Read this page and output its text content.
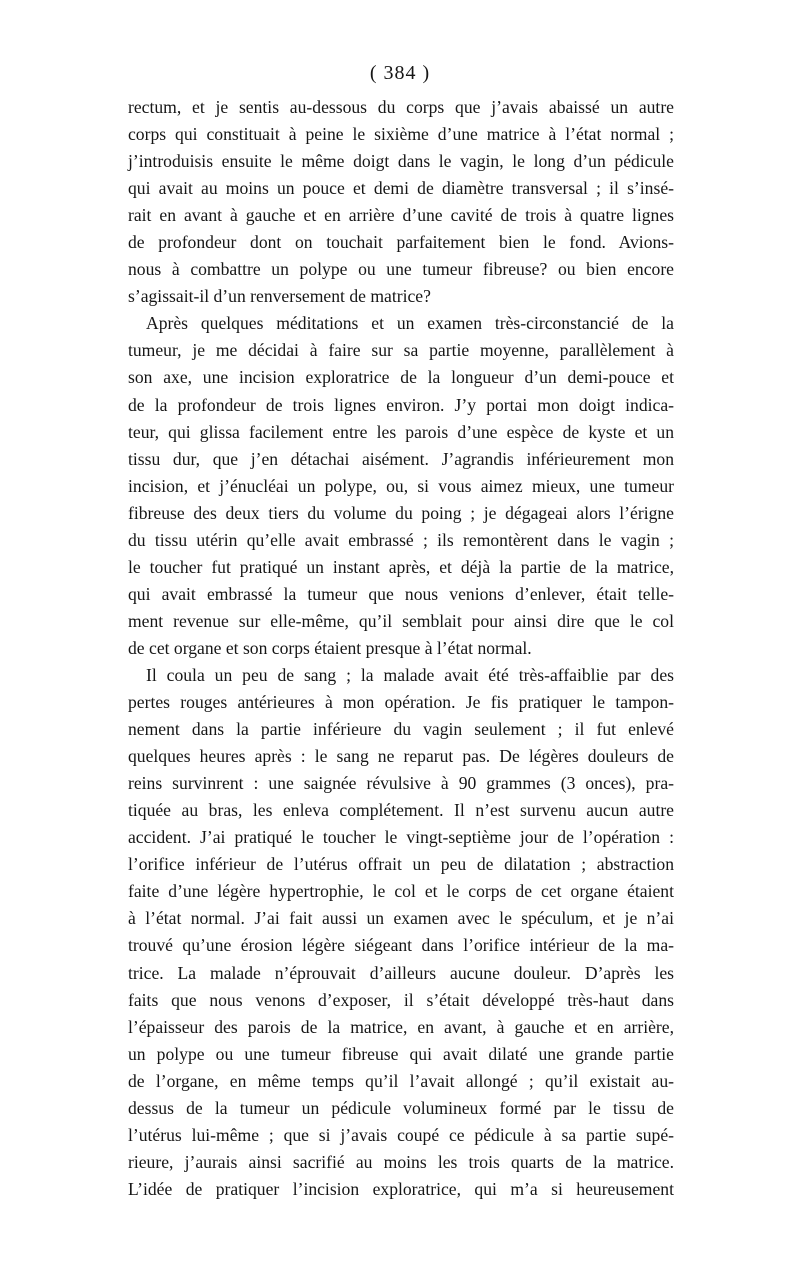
( 384 )
rectum, et je sentis au-dessous du corps que j’avais abaissé un autre
corps qui constituait à peine le sixième d’une matrice à l’état normal ;
j’introduisis ensuite le même doigt dans le vagin, le long d’un pédicule
qui avait au moins un pouce et demi de diamètre transversal ; il s’insé-
rait en avant à gauche et en arrière d’une cavité de trois à quatre lignes
de profondeur dont on touchait parfaitement bien le fond. Avions-
nous à combattre un polype ou une tumeur fibreuse? ou bien encore
s’agissait-il d’un renversement de matrice?
Après quelques méditations et un examen très-circonstancié de la
tumeur, je me décidai à faire sur sa partie moyenne, parallèlement à
son axe, une incision exploratrice de la longueur d’un demi-pouce et
de la profondeur de trois lignes environ. J’y portai mon doigt indica-
teur, qui glissa facilement entre les parois d’une espèce de kyste et un
tissu dur, que j’en détachai aisément. J’agrandis inférieurement mon
incision, et j’énucléai un polype, ou, si vous aimez mieux, une tumeur
fibreuse des deux tiers du volume du poing ; je dégageai alors l’érigne
du tissu utérin qu’elle avait embrassé ; ils remontèrent dans le vagin ;
le toucher fut pratiqué un instant après, et déjà la partie de la matrice,
qui avait embrassé la tumeur que nous venions d’enlever, était telle-
ment revenue sur elle-même, qu’il semblait pour ainsi dire que le col
de cet organe et son corps étaient presque à l’état normal.
Il coula un peu de sang ; la malade avait été très-affaiblie par des
pertes rouges antérieures à mon opération. Je fis pratiquer le tampon-
nement dans la partie inférieure du vagin seulement ; il fut enlevé
quelques heures après : le sang ne reparut pas. De légères douleurs de
reins survinrent : une saignée révulsive à 90 grammes (3 onces), pra-
tiquée au bras, les enleva complétement. Il n’est survenu aucun autre
accident. J’ai pratiqué le toucher le vingt-septième jour de l’opération :
l’orifice inférieur de l’utérus offrait un peu de dilatation ; abstraction
faite d’une légère hypertrophie, le col et le corps de cet organe étaient
à l’état normal. J’ai fait aussi un examen avec le spéculum, et je n’ai
trouvé qu’une érosion légère siégeant dans l’orifice intérieur de la ma-
trice. La malade n’éprouvait d’ailleurs aucune douleur. D’après les
faits que nous venons d’exposer, il s’était développé très-haut dans
l’épaisseur des parois de la matrice, en avant, à gauche et en arrière,
un polype ou une tumeur fibreuse qui avait dilaté une grande partie
de l’organe, en même temps qu’il l’avait allongé ; qu’il existait au-
dessus de la tumeur un pédicule volumineux formé par le tissu de
l’utérus lui-même ; que si j’avais coupé ce pédicule à sa partie supé-
rieure, j’aurais ainsi sacrifié au moins les trois quarts de la matrice.
L’idée de pratiquer l’incision exploratrice, qui m’a si heureusement
